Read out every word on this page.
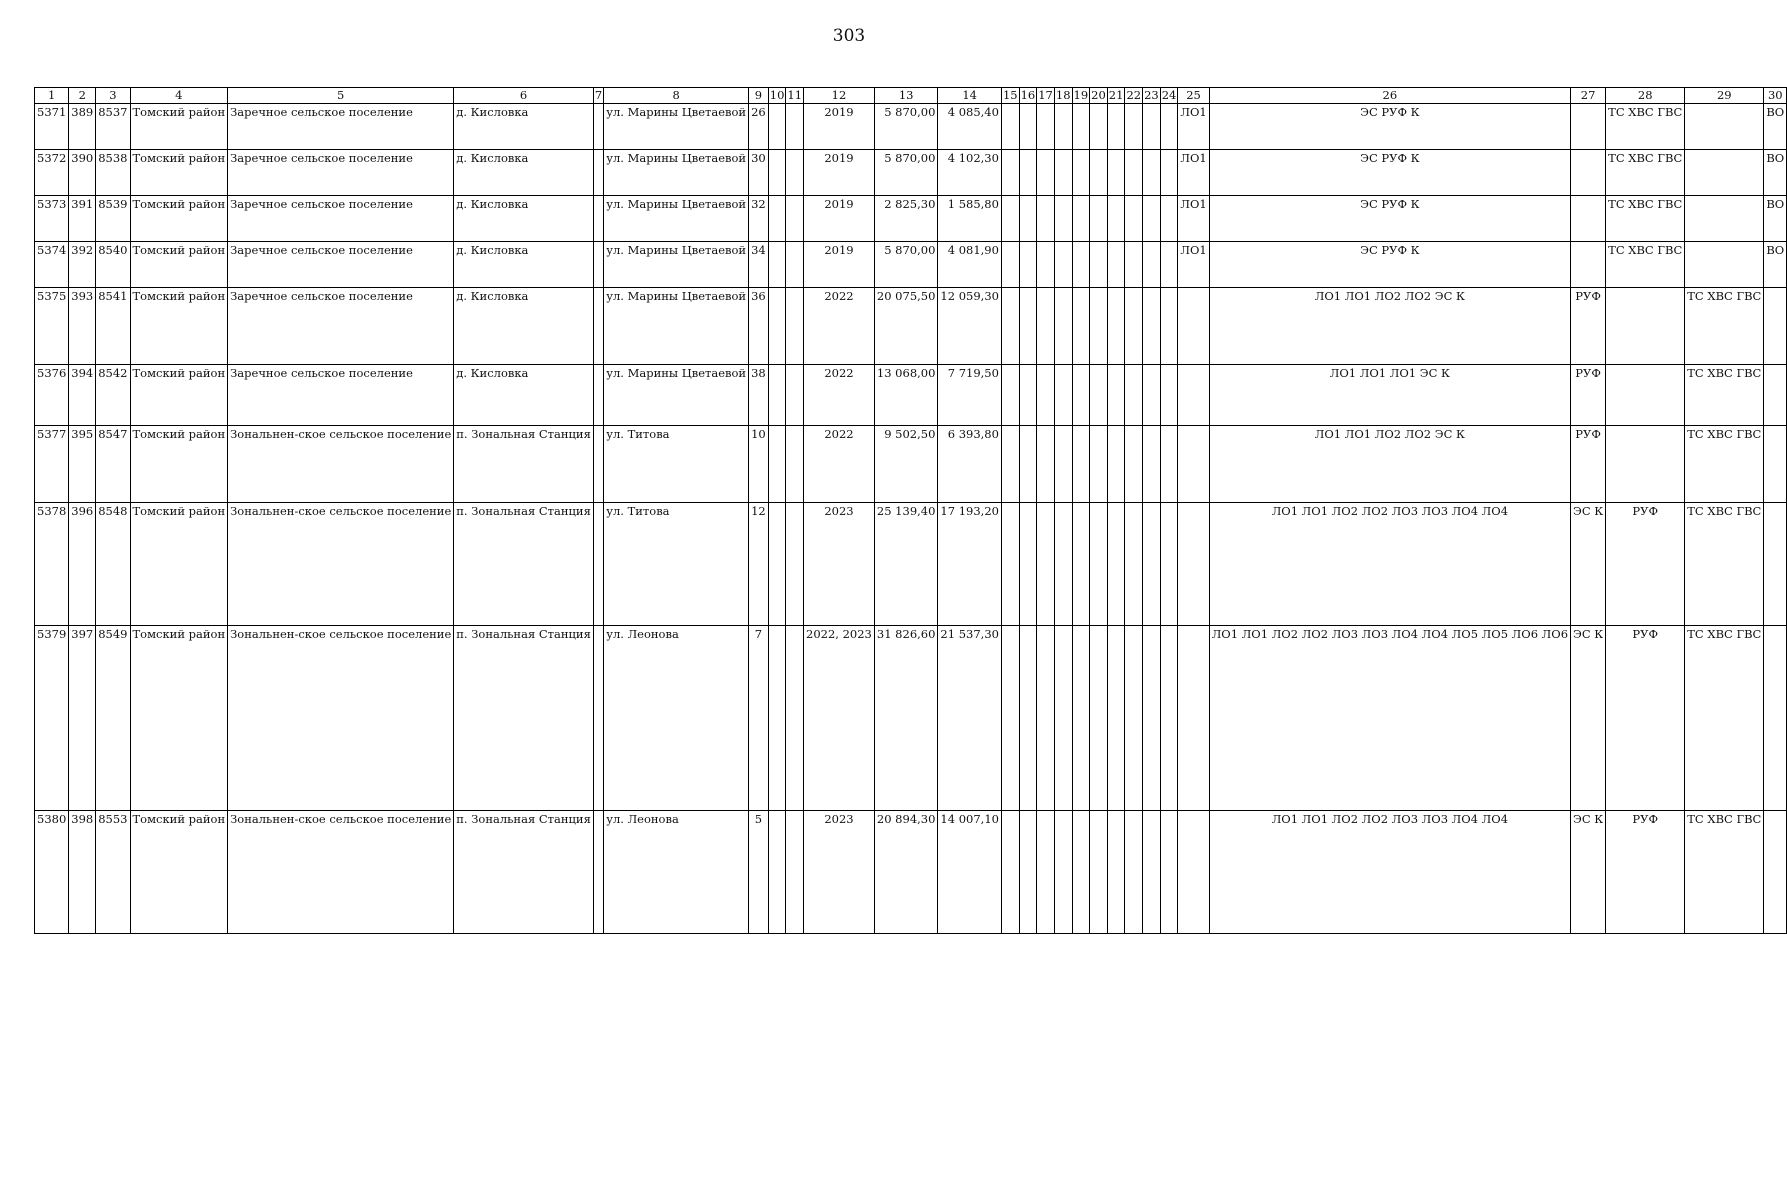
303
1	2	3	4	5	6	7	8	9	10	11	12	13	14	15	16	17	18	19	20	21	22	23	24	25	26	27	28	29	30
5371	389	8537	Томский район	Заречное сельское поселение	д. Кисловка		ул. Марины Цветаевой	26			2019	5 870,00	4 085,40											ЛО1	ЭС РУФ К		ТС ХВС ГВС		ВО
5372	390	8538	Томский район	Заречное сельское поселение	д. Кисловка		ул. Марины Цветаевой	30			2019	5 870,00	4 102,30											ЛО1	ЭС РУФ К		ТС ХВС ГВС		ВО
5373	391	8539	Томский район	Заречное сельское поселение	д. Кисловка		ул. Марины Цветаевой	32			2019	2 825,30	1 585,80											ЛО1	ЭС РУФ К		ТС ХВС ГВС		ВО
5374	392	8540	Томский район	Заречное сельское поселение	д. Кисловка		ул. Марины Цветаевой	34			2019	5 870,00	4 081,90											ЛО1	ЭС РУФ К		ТС ХВС ГВС		ВО
5375	393	8541	Томский район	Заречное сельское поселение	д. Кисловка		ул. Марины Цветаевой	36			2022	20 075,50	12 059,30												ЛО1 ЛО1 ЛО2 ЛО2 ЭС К	РУФ		ТС ХВС ГВС	
5376	394	8542	Томский район	Заречное сельское поселение	д. Кисловка		ул. Марины Цветаевой	38			2022	13 068,00	7 719,50												ЛО1 ЛО1 ЛО1 ЭС К	РУФ		ТС ХВС ГВС	
5377	395	8547	Томский район	Зональнен-ское сельское поселение	п. Зональная Станция		ул. Титова	10			2022	9 502,50	6 393,80												ЛО1 ЛО1 ЛО2 ЛО2 ЭС К	РУФ		ТС ХВС ГВС	
5378	396	8548	Томский район	Зональнен-ское сельское поселение	п. Зональная Станция		ул. Титова	12			2023	25 139,40	17 193,20												ЛО1 ЛО1 ЛО2 ЛО2 ЛО3 ЛО3 ЛО4 ЛО4	ЭС К	РУФ	ТС ХВС ГВС	
5379	397	8549	Томский район	Зональнен-ское сельское поселение	п. Зональная Станция		ул. Леонова	7			2022, 2023	31 826,60	21 537,30												ЛО1 ЛО1 ЛО2 ЛО2 ЛО3 ЛО3 ЛО4 ЛО4 ЛО5 ЛО5 ЛО6 ЛО6	ЭС К	РУФ	ТС ХВС ГВС	
5380	398	8553	Томский район	Зональнен-ское сельское поселение	п. Зональная Станция		ул. Леонова	5			2023	20 894,30	14 007,10												ЛО1 ЛО1 ЛО2 ЛО2 ЛО3 ЛО3 ЛО4 ЛО4	ЭС К	РУФ	ТС ХВС ГВС	
